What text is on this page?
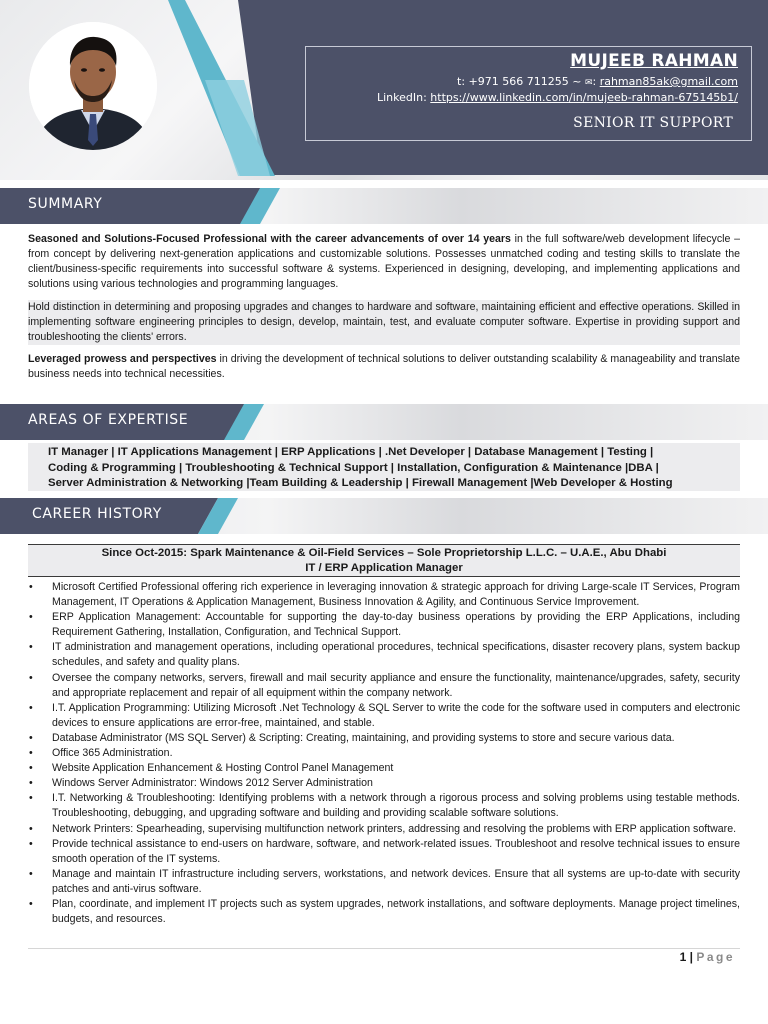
MUJEEB RAHMAN
t: +971 566 711255 ~ ✉: rahman85ak@gmail.com
LinkedIn: https://www.linkedin.com/in/mujeeb-rahman-675145b1/
SENIOR IT SUPPORT
SUMMARY
Seasoned and Solutions-Focused Professional with the career advancements of over 14 years in the full software/web development lifecycle – from concept by delivering next-generation applications and customizable solutions. Possesses unmatched coding and testing skills to translate the client/business-specific requirements into successful software & systems. Experienced in designing, developing, and implementing applications and solutions using various technologies and programming languages.
Hold distinction in determining and proposing upgrades and changes to hardware and software, maintaining efficient and effective operations. Skilled in implementing software engineering principles to design, develop, maintain, test, and evaluate computer software. Expertise in providing support and troubleshooting the clients' errors.
Leveraged prowess and perspectives in driving the development of technical solutions to deliver outstanding scalability & manageability and translate business needs into technical necessities.
AREAS OF EXPERTISE
IT Manager | IT Applications Management | ERP Applications | .Net Developer | Database Management | Testing |
Coding & Programming | Troubleshooting & Technical Support | Installation, Configuration & Maintenance |DBA |
Server Administration & Networking |Team Building & Leadership | Firewall Management |Web Developer & Hosting
CAREER HISTORY
Since Oct-2015: Spark Maintenance & Oil-Field Services – Sole Proprietorship L.L.C. – U.A.E., Abu Dhabi
IT / ERP Application Manager
• Microsoft Certified Professional offering rich experience in leveraging innovation & strategic approach for driving Large-scale IT Services, Program Management, IT Operations & Application Management, Business Innovation & Agility, and Continuous Service Improvement.
• ERP Application Management: Accountable for supporting the day-to-day business operations by providing the ERP Applications, including Requirement Gathering, Installation, Configuration, and Technical Support.
• IT administration and management operations, including operational procedures, technical specifications, disaster recovery plans, system backup schedules, and safety and quality plans.
• Oversee the company networks, servers, firewall and mail security appliance and ensure the functionality, maintenance/upgrades, safety, security and appropriate replacement and repair of all equipment within the company network.
• I.T. Application Programming: Utilizing Microsoft .Net Technology & SQL Server to write the code for the software used in computers and electronic devices to ensure applications are error-free, maintained, and stable.
• Database Administrator (MS SQL Server) & Scripting: Creating, maintaining, and providing systems to store and secure various data.
• Office 365 Administration.
• Website Application Enhancement & Hosting Control Panel Management
• Windows Server Administrator: Windows 2012 Server Administration
• I.T. Networking & Troubleshooting: Identifying problems with a network through a rigorous process and solving problems using testable methods. Troubleshooting, debugging, and upgrading software and building and providing scalable software solutions.
• Network Printers: Spearheading, supervising multifunction network printers, addressing and resolving the problems with ERP application software.
• Provide technical assistance to end-users on hardware, software, and network-related issues. Troubleshoot and resolve technical issues to ensure smooth operation of the IT systems.
• Manage and maintain IT infrastructure including servers, workstations, and network devices. Ensure that all systems are up-to-date with security patches and anti-virus software.
• Plan, coordinate, and implement IT projects such as system upgrades, network installations, and software deployments. Manage project timelines, budgets, and resources.
1 | Page
